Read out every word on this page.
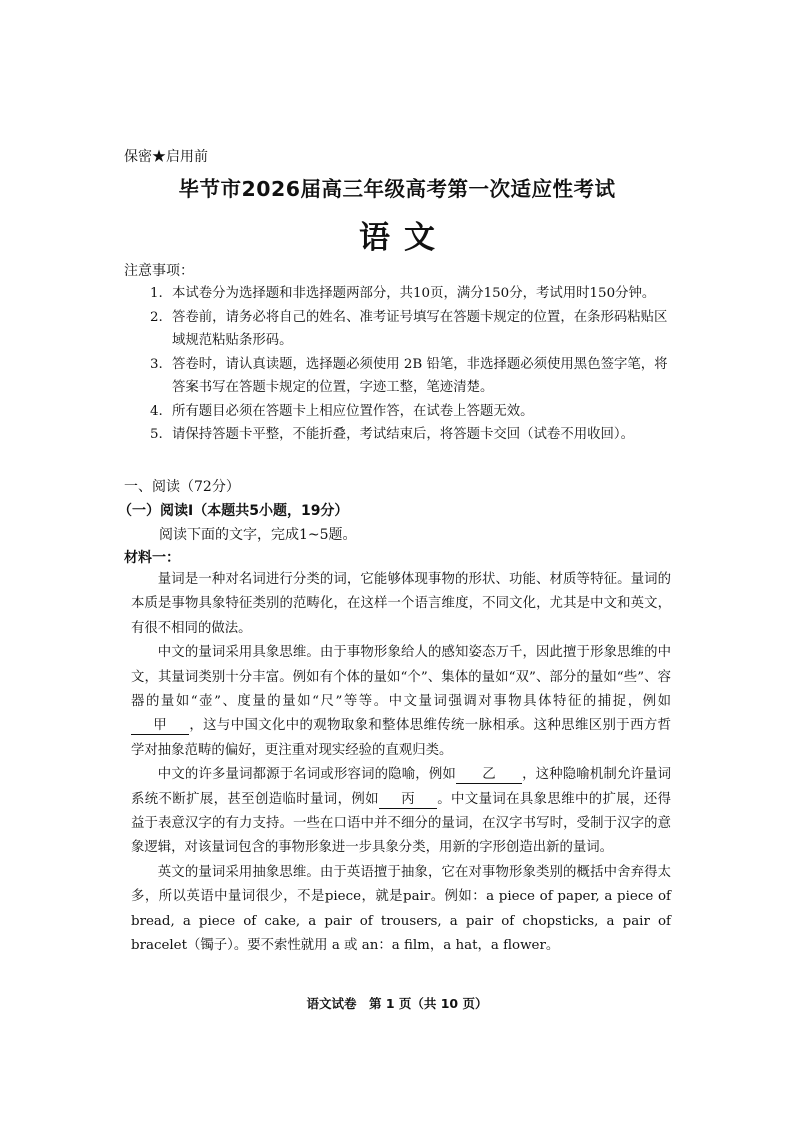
保密★启用前
毕节市2026届高三年级高考第一次适应性考试
语文
注意事项：
1. 本试卷分为选择题和非选择题两部分，共10页，满分150分，考试用时150分钟。
2. 答卷前，请务必将自己的姓名、准考证号填写在答题卡规定的位置，在条形码粘贴区域规范粘贴条形码。
3. 答卷时，请认真读题，选择题必须使用 2B 铅笔，非选择题必须使用黑色签字笔，将答案书写在答题卡规定的位置，字迹工整，笔迹清楚。
4. 所有题目必须在答题卡上相应位置作答，在试卷上答题无效。
5. 请保持答题卡平整，不能折叠，考试结束后，将答题卡交回（试卷不用收回）。
一、阅读（72分）
（一）阅读Ⅰ（本题共5小题，19分）
阅读下面的文字，完成1~5题。
材料一：

量词是一种对名词进行分类的词，它能够体现事物的形状、功能、材质等特征。量词的本质是事物具象特征类别的范畴化，在这样一个语言维度，不同文化，尤其是中文和英文，有很不相同的做法。

中文的量词采用具象思维。由于事物形象给人的感知姿态万千，因此擅于形象思维的中文，其量词类别十分丰富。例如有个体的量如“个”、集体的量如“双”、部分的量如“些”、容器的量如“壶”、度量的量如“尺”等等。中文量词强调对事物具体特征的捕捉，例如甲 ，这与中国文化中的观物取象和整体思维传统一脉相承。这种思维区别于西方哲学对抽象范畴的偏好，更注重对现实经验的直观归类。

中文的许多量词都源于名词或形容词的隐喻，例如 乙 ，这种隐喻机制允许量词系统不断扩展，甚至创造临时量词，例如 丙 。中文量词在具象思维中的扩展，还得益于表意汉字的有力支持。一些在口语中并不细分的量词，在汉字书写时，受制于汉字的意象逻辑，对该量词包含的事物形象进一步具象分类，用新的字形创造出新的量词。

英文的量词采用抽象思维。由于英语擅于抽象，它在对事物形象类别的概括中舍弃得太多，所以英语中量词很少，不是piece，就是pair。例如：a piece of paper, a piece of bread, a piece of cake, a pair of trousers, a pair of chopsticks, a pair of bracelet（镯子）。要不索性就用 a 或 an：a film，a hat，a flower。

语文试卷　第 1 页（共 10 页）
